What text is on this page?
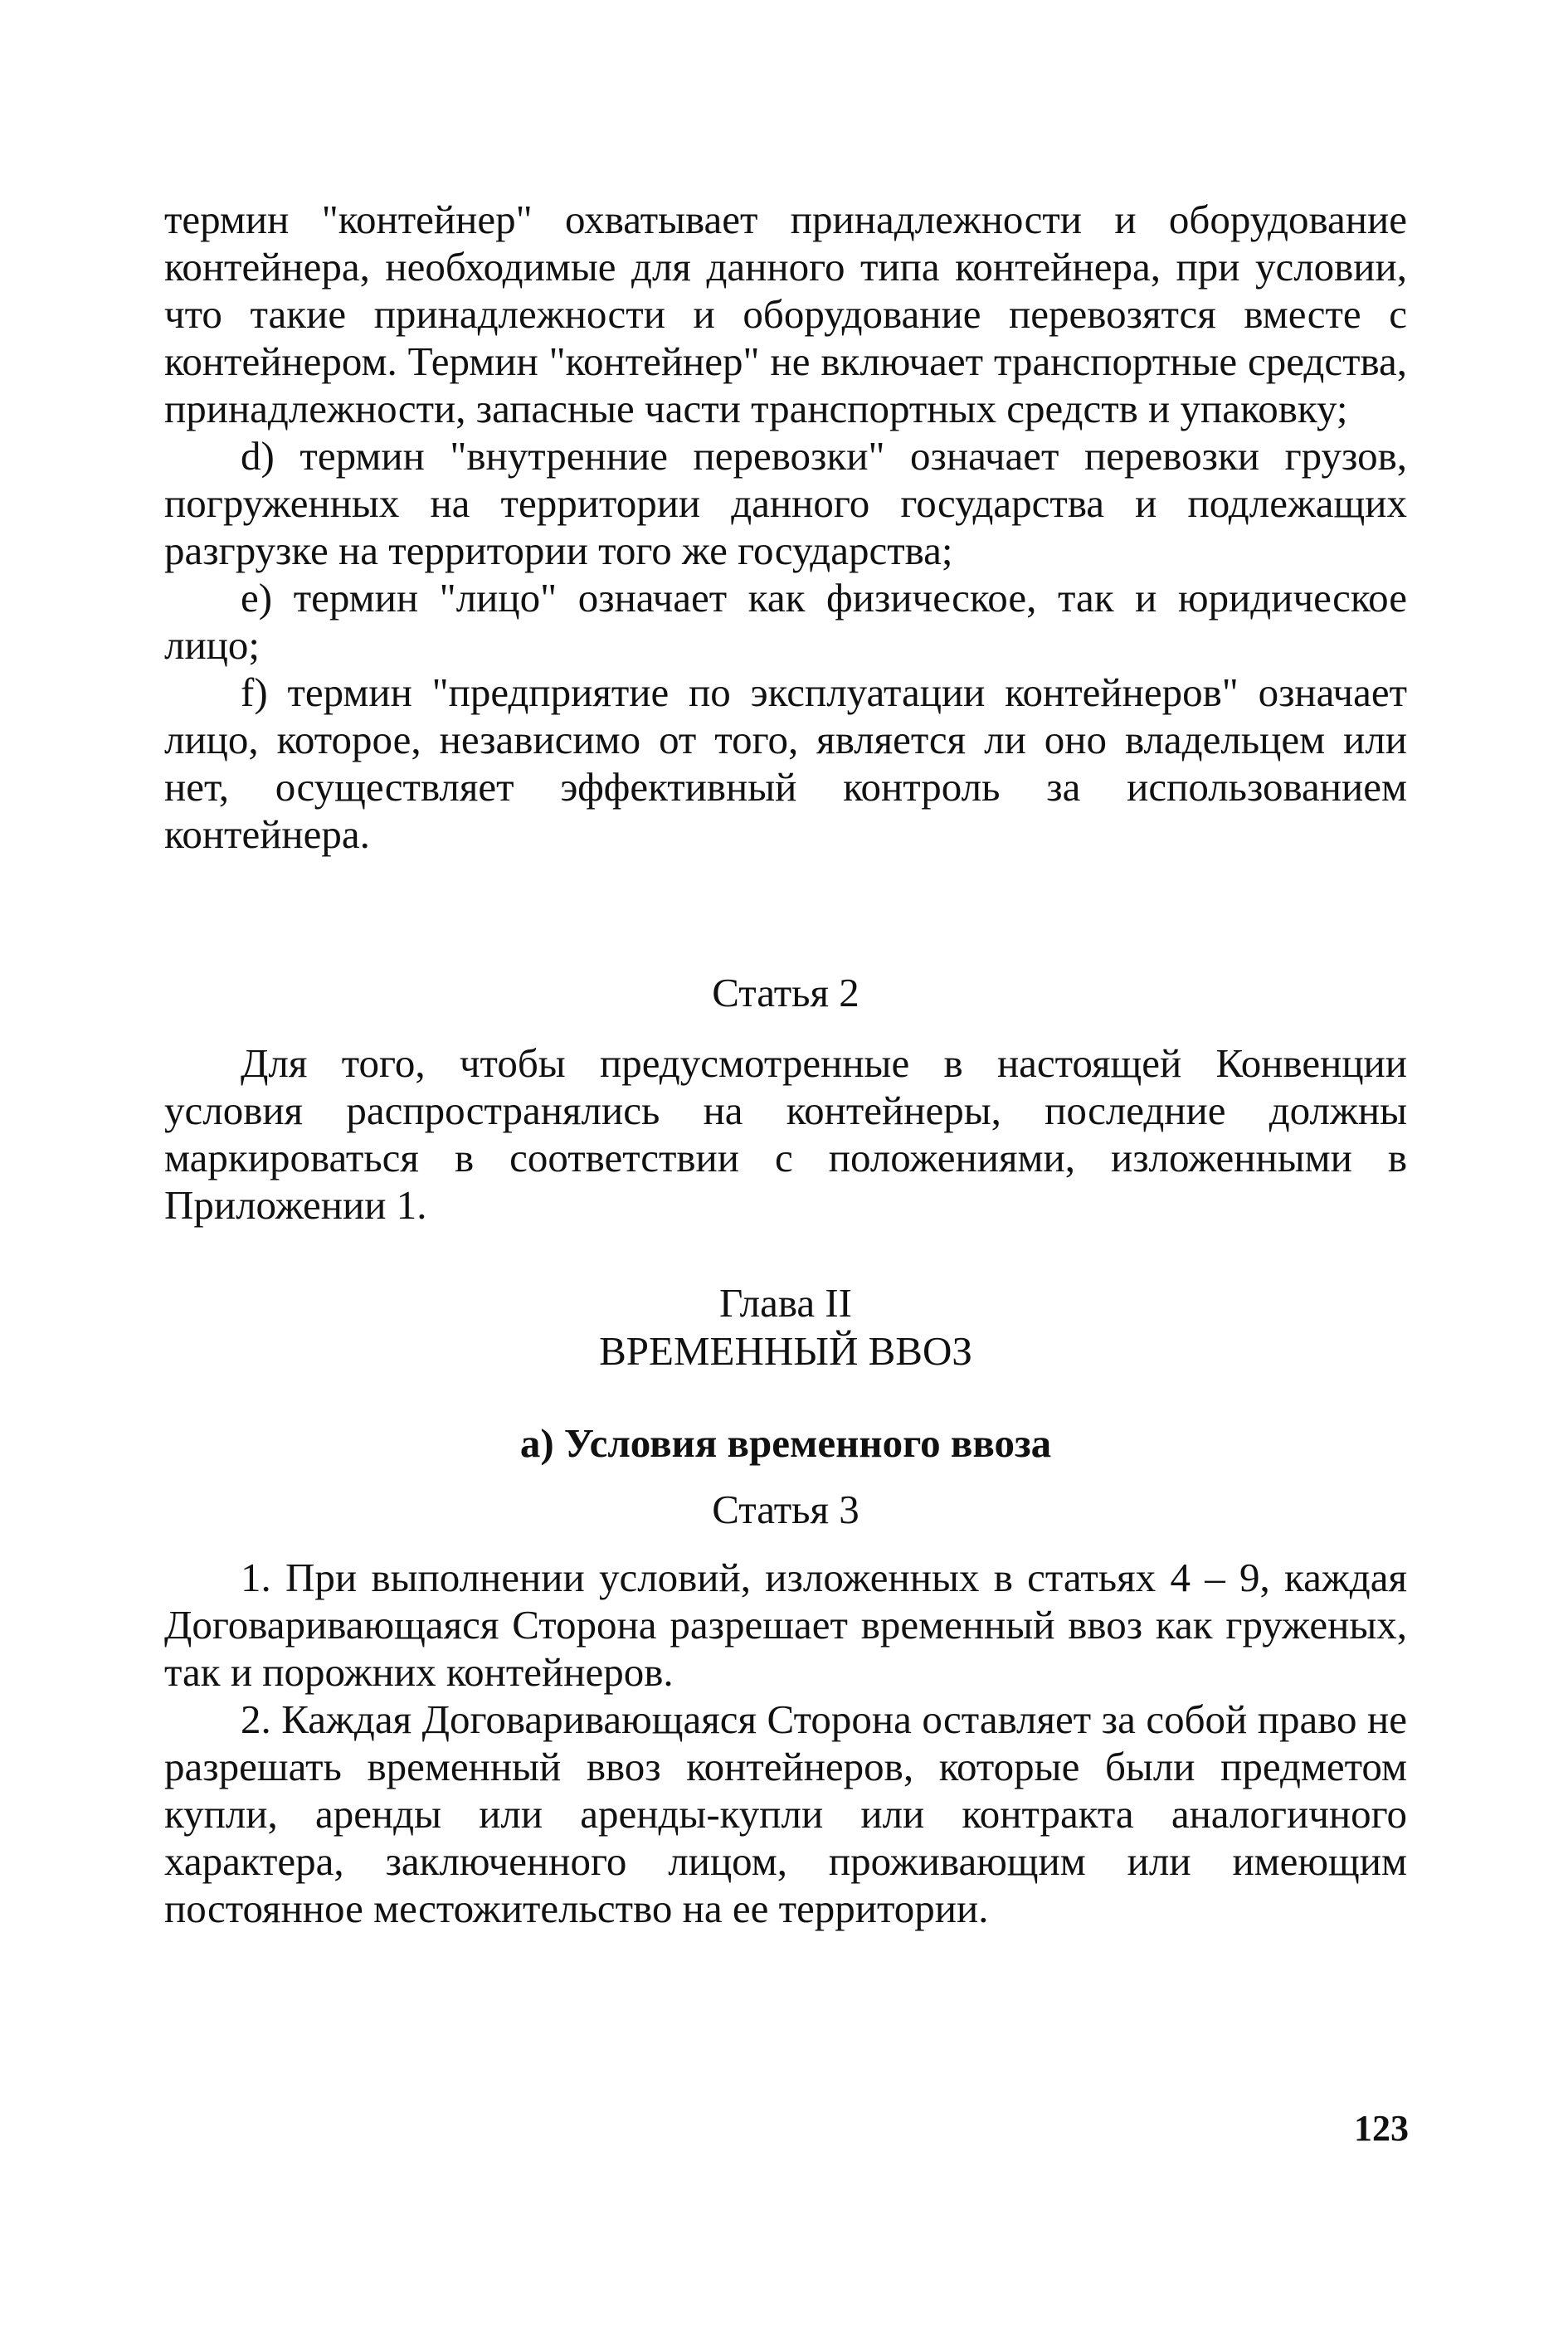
термин "контейнер" охватывает принадлежности и оборудование контейнера, необходимые для данного типа контейнера, при условии, что такие принадлежности и оборудование перевозятся вместе с контейнером. Термин "контейнер" не включает транспортные средства, принадлежности, запасные части транспортных средств и упаковку;

d) термин "внутренние перевозки" означает перевозки грузов, погруженных на территории данного государства и подлежащих разгрузке на территории того же государства;

e) термин "лицо" означает как физическое, так и юридическое лицо;

f) термин "предприятие по эксплуатации контейнеров" означает лицо, которое, независимо от того, является ли оно владельцем или нет, осуществляет эффективный контроль за использованием контейнера.

Статья 2

Для того, чтобы предусмотренные в настоящей Конвенции условия распространялись на контейнеры, последние должны маркироваться в соответствии с положениями, изложенными в Приложении 1.

Глава II
ВРЕМЕННЫЙ ВВОЗ
а) Условия временного ввоза
Статья 3

1. При выполнении условий, изложенных в статьях 4 – 9, каждая Договаривающаяся Сторона разрешает временный ввоз как груженых, так и порожних контейнеров.

2. Каждая Договаривающаяся Сторона оставляет за собой право не разрешать временный ввоз контейнеров, которые были предметом купли, аренды или аренды-купли или контракта аналогичного характера, заключенного лицом, проживающим или имеющим постоянное местожительство на ее территории.

123
